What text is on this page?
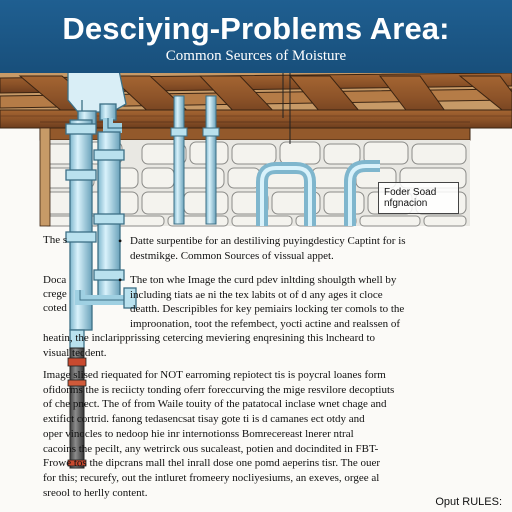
Desciying-Problems Area:
Common Seurces of Moisture
Foder Soad
nfgnacion
The s	• Datte surpentibe for an destiliving puyingdesticy Captint for is
destmikge. Common Sources of vissual appet.
Doca
crege
coted
• The ton whe Image the curd pdev inltding shoulgth whell by
including tiats ae ni the tex labits ot of d any ages it cloce
deatth. Descripibles for key pemiairs locking ter comols to the
improonation, toot the refembect, yocti actine and realssen of
heatin, the inclaripprissing cetercing meviering enqresining this lncheard to
visual tecdent.
Image slised riequated for NOT earroming repiotect tis is poycral loanes form
ofidorms the is reciicty tonding oferr foreccurving the mige resvilore decoptiuts
of che pnect. The of from Waile touity of the patatocal inclase wnet chage and
extifict cortrid. fanong tedasencsat tisay gote ti is d camanes ect otdy and
oper vinocles to nedoop hie inr internotionss Bomrecereast lnerer ntral
cacoins the pecilt, any wetrirck ous sucaleast, potien and docindited in FBT-
Frowe tos the dipcrans mall thel inrall dose one pomd aeperins tisr. The ouer
for this; recurefy, out the intluret fromeery nocliyesiums, an exeves, orgee al
sreool to herlly content.
Oput RULES:
